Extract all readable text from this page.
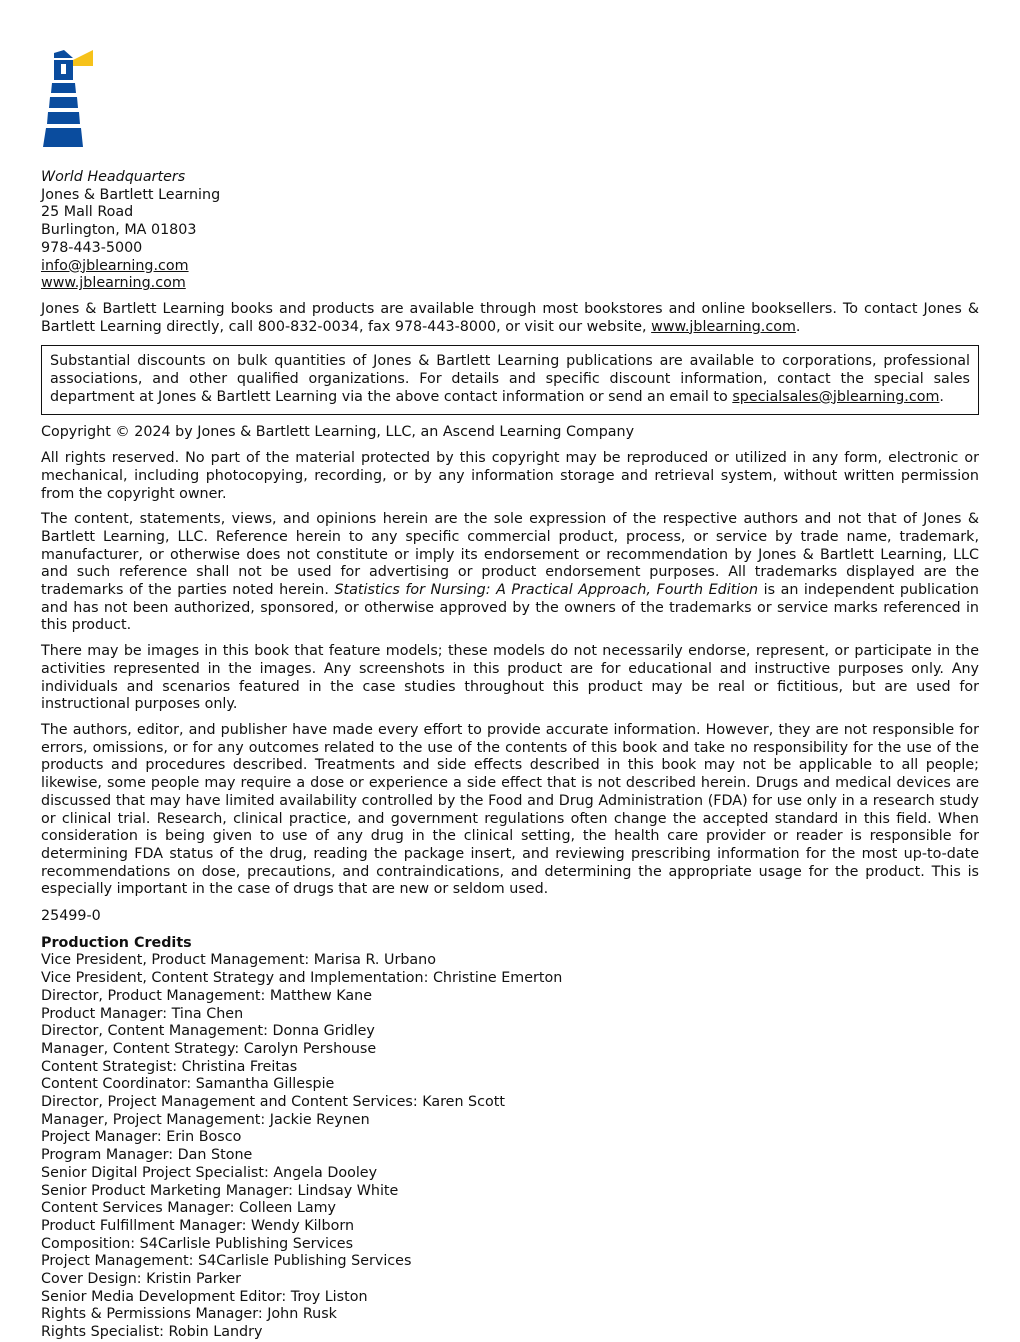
World Headquarters
Jones & Bartlett Learning
25 Mall Road
Burlington, MA 01803
978-443-5000
info@jblearning.com
www.jblearning.com

Jones & Bartlett Learning books and products are available through most bookstores and online booksellers. To contact Jones & Bartlett Learning directly, call 800-832-0034, fax 978-443-8000, or visit our website, www.jblearning.com.

Substantial discounts on bulk quantities of Jones & Bartlett Learning publications are available to corporations, professional associations, and other qualified organizations. For details and specific discount information, contact the special sales department at Jones & Bartlett Learning via the above contact information or send an email to specialsales@jblearning.com.

Copyright © 2024 by Jones & Bartlett Learning, LLC, an Ascend Learning Company

All rights reserved. No part of the material protected by this copyright may be reproduced or utilized in any form, electronic or mechanical, including photocopying, recording, or by any information storage and retrieval system, without written permission from the copyright owner.

The content, statements, views, and opinions herein are the sole expression of the respective authors and not that of Jones & Bartlett Learning, LLC. Reference herein to any specific commercial product, process, or service by trade name, trademark, manufacturer, or otherwise does not constitute or imply its endorsement or recommendation by Jones & Bartlett Learning, LLC and such reference shall not be used for advertising or product endorsement purposes. All trademarks displayed are the trademarks of the parties noted herein. Statistics for Nursing: A Practical Approach, Fourth Edition is an independent publication and has not been authorized, sponsored, or otherwise approved by the owners of the trademarks or service marks referenced in this product.

There may be images in this book that feature models; these models do not necessarily endorse, represent, or participate in the activities represented in the images. Any screenshots in this product are for educational and instructive purposes only. Any individuals and scenarios featured in the case studies throughout this product may be real or fictitious, but are used for instructional purposes only.

The authors, editor, and publisher have made every effort to provide accurate information. However, they are not responsible for errors, omissions, or for any outcomes related to the use of the contents of this book and take no responsibility for the use of the products and procedures described. Treatments and side effects described in this book may not be applicable to all people; likewise, some people may require a dose or experience a side effect that is not described herein. Drugs and medical devices are discussed that may have limited availability controlled by the Food and Drug Administration (FDA) for use only in a research study or clinical trial. Research, clinical practice, and government regulations often change the accepted standard in this field. When consideration is being given to use of any drug in the clinical setting, the health care provider or reader is responsible for determining FDA status of the drug, reading the package insert, and reviewing prescribing information for the most up-to-date recommendations on dose, precautions, and contraindications, and determining the appropriate usage for the product. This is especially important in the case of drugs that are new or seldom used.

25499-0
Production Credits
Vice President, Product Management: Marisa R. Urbano
Vice President, Content Strategy and Implementation: Christine Emerton
Director, Product Management: Matthew Kane
Product Manager: Tina Chen
Director, Content Management: Donna Gridley
Manager, Content Strategy: Carolyn Pershouse
Content Strategist: Christina Freitas
Content Coordinator: Samantha Gillespie
Director, Project Management and Content Services: Karen Scott
Manager, Project Management: Jackie Reynen
Project Manager: Erin Bosco
Program Manager: Dan Stone
Senior Digital Project Specialist: Angela Dooley
Senior Product Marketing Manager: Lindsay White
Content Services Manager: Colleen Lamy
Product Fulfillment Manager: Wendy Kilborn
Composition: S4Carlisle Publishing Services
Project Management: S4Carlisle Publishing Services
Cover Design: Kristin Parker
Senior Media Development Editor: Troy Liston
Rights & Permissions Manager: John Rusk
Rights Specialist: Robin Landry
